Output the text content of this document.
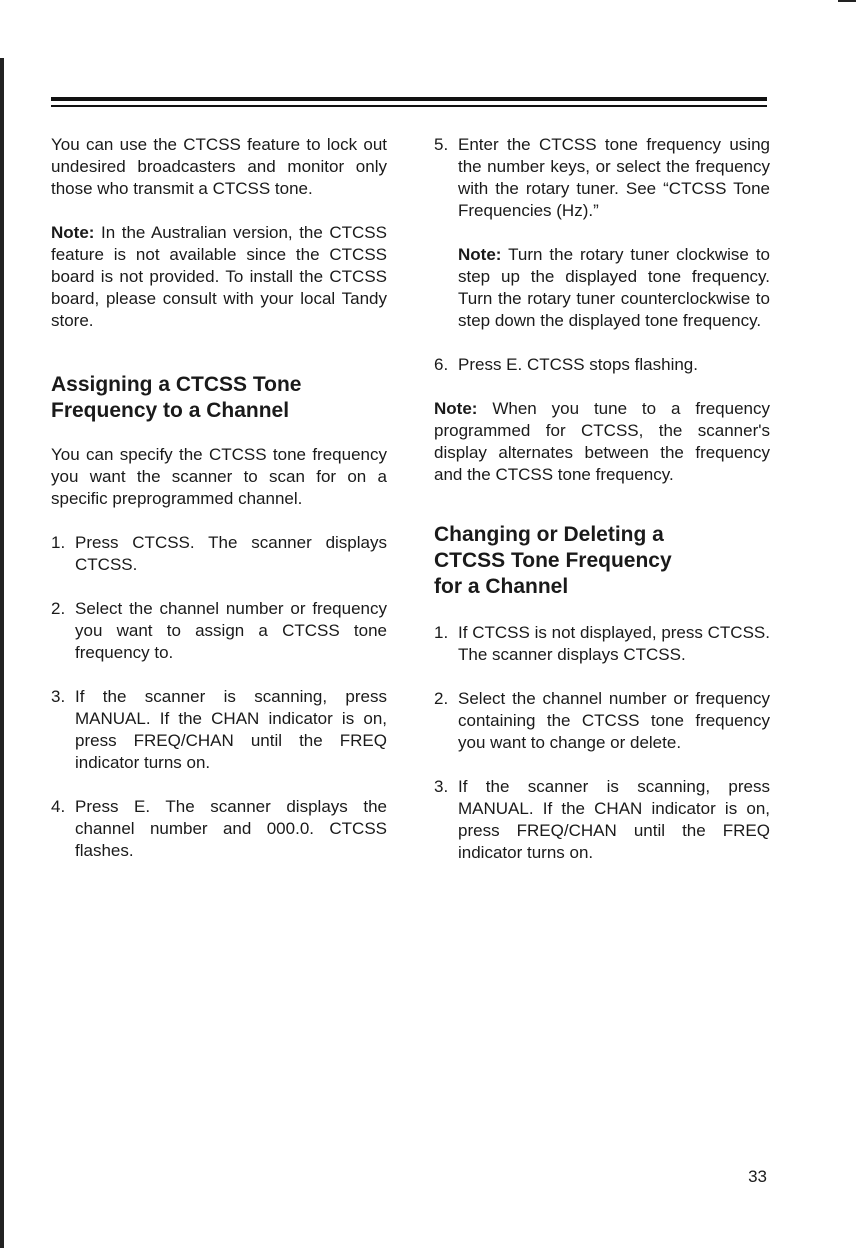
You can use the CTCSS feature to lock out undesired broadcasters and monitor only those who transmit a CTCSS tone.

Note: In the Australian version, the CTCSS feature is not available since the CTCSS board is not provided. To install the CTCSS board, please consult with your local Tandy store.

Assigning a CTCSS Tone
Frequency to a Channel

You can specify the CTCSS tone frequency you want the scanner to scan for on a specific preprogrammed channel.

1. Press CTCSS. The scanner displays CTCSS.
2. Select the channel number or frequency you want to assign a CTCSS tone frequency to.
3. If the scanner is scanning, press MANUAL. If the CHAN indicator is on, press FREQ/CHAN until the FREQ indicator turns on.
4. Press E. The scanner displays the channel number and 000.0. CTCSS flashes.
5. Enter the CTCSS tone frequency using the number keys, or select the frequency with the rotary tuner. See “CTCSS Tone Frequencies (Hz).”

Note: Turn the rotary tuner clockwise to step up the displayed tone frequency. Turn the rotary tuner counterclockwise to step down the displayed tone frequency.

6. Press E. CTCSS stops flashing.

Note: When you tune to a frequency programmed for CTCSS, the scanner's display alternates between the frequency and the CTCSS tone frequency.

Changing or Deleting a
CTCSS Tone Frequency
for a Channel
1. If CTCSS is not displayed, press CTCSS. The scanner displays CTCSS.
2. Select the channel number or frequency containing the CTCSS tone frequency you want to change or delete.
3. If the scanner is scanning, press MANUAL. If the CHAN indicator is on, press FREQ/CHAN until the FREQ indicator turns on.
33
